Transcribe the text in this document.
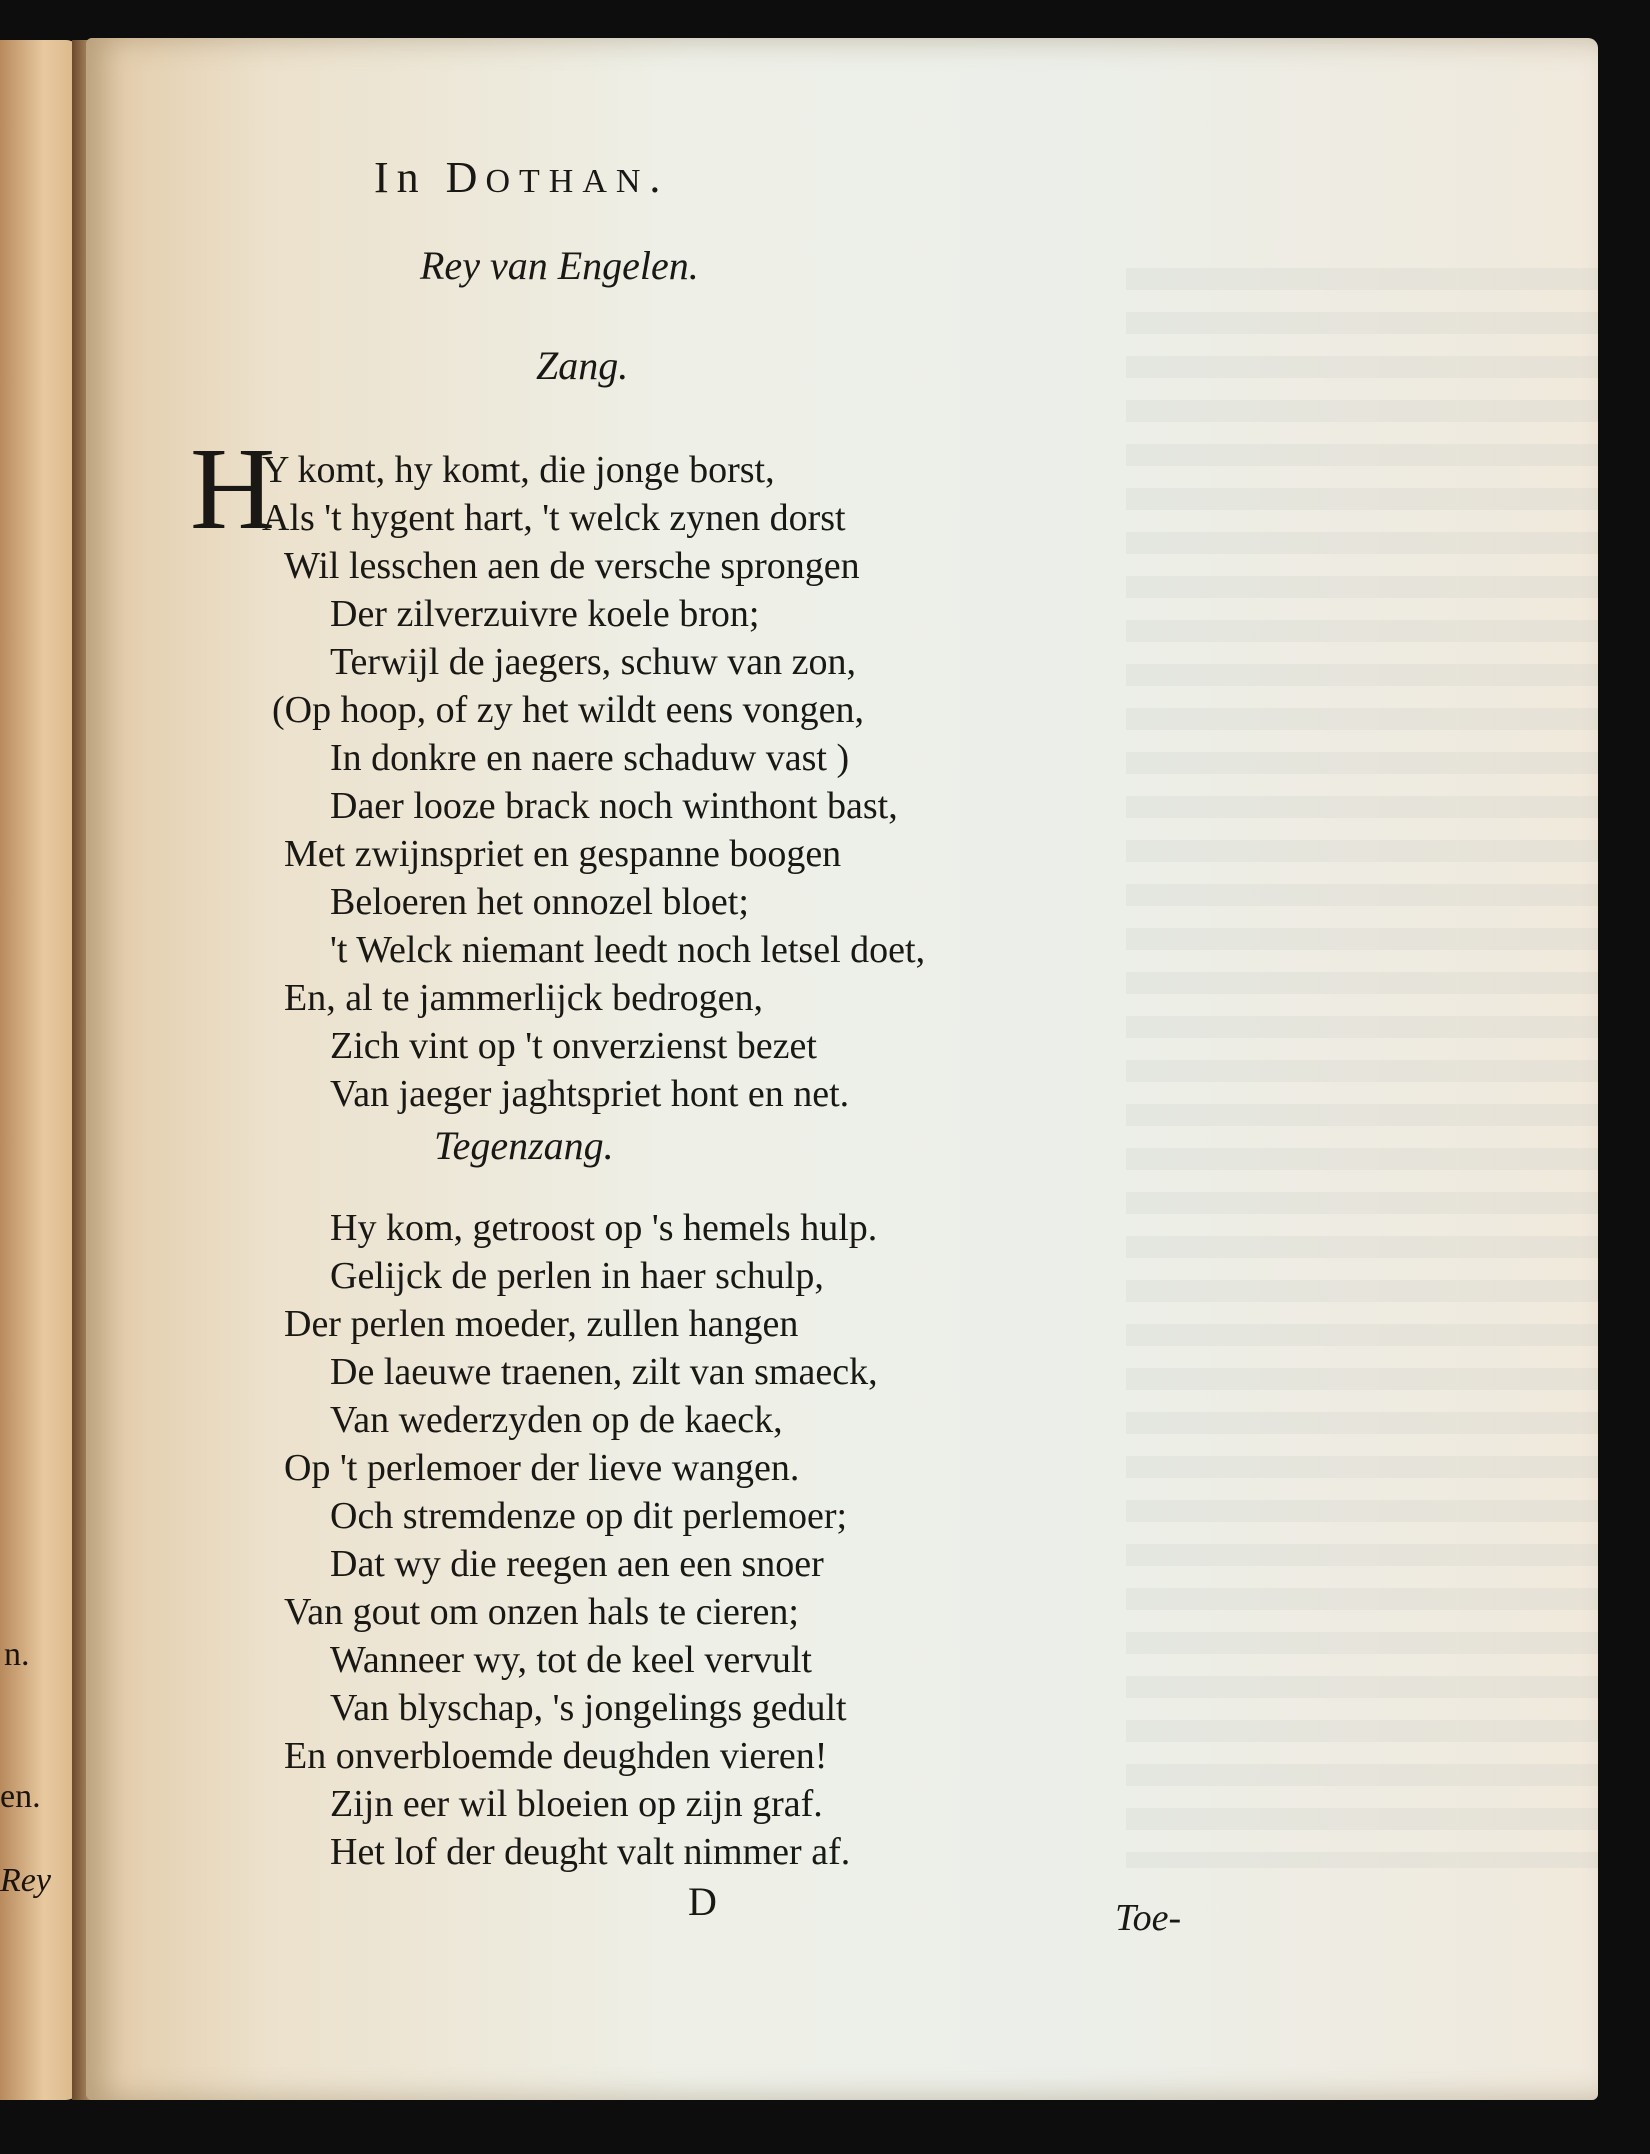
n.
en.
Rey
In DOTHAN.
Rey van Engelen.
Zang.
H
Y komt, hy komt, die jonge borst,
Als 't hygent hart, 't welck zynen dorst
Wil lesschen aen de versche sprongen
Der zilverzuivre koele bron;
Terwijl de jaegers, schuw van zon,
(Op hoop, of zy het wildt eens vongen,
In donkre en naere schaduw vast )
Daer looze brack noch winthont bast,
Met zwijnspriet en gespanne boogen
Beloeren het onnozel bloet;
't Welck niemant leedt noch letsel doet,
En, al te jammerlijck bedrogen,
Zich vint op 't onverzienst bezet
Van jaeger jaghtspriet hont en net.
Tegenzang.
Hy kom, getroost op 's hemels hulp.
Gelijck de perlen in haer schulp,
Der perlen moeder, zullen hangen
De laeuwe traenen, zilt van smaeck,
Van wederzyden op de kaeck,
Op 't perlemoer der lieve wangen.
Och stremdenze op dit perlemoer;
Dat wy die reegen aen een snoer
Van gout om onzen hals te cieren;
Wanneer wy, tot de keel vervult
Van blyschap, 's jongelings gedult
En onverbloemde deughden vieren!
Zijn eer wil bloeien op zijn graf.
Het lof der deught valt nimmer af.
D	Toe-
